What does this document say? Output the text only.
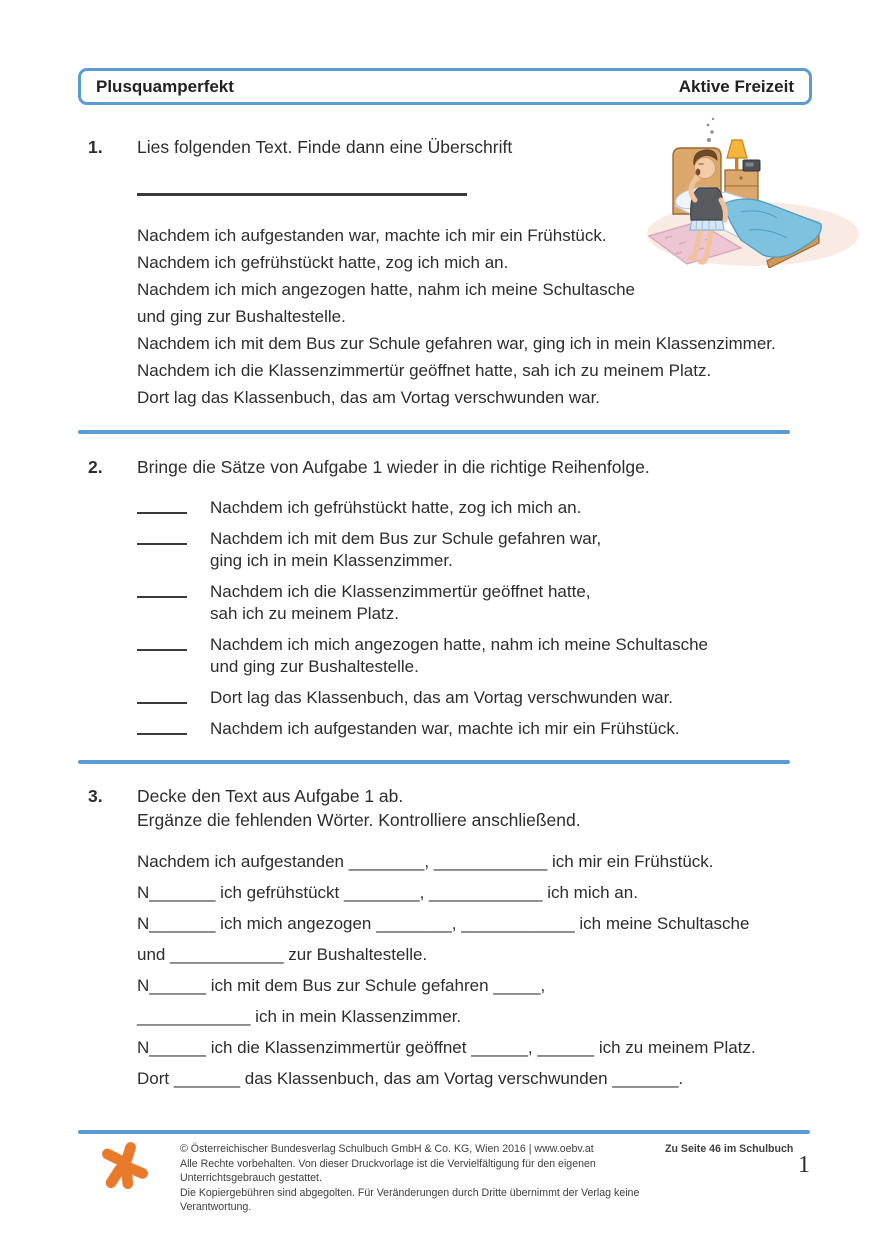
Plusquamperfekt	Aktive Freizeit
1.	Lies folgenden Text. Finde dann eine Überschrift

Nachdem ich aufgestanden war, machte ich mir ein Frühstück.

Nachdem ich gefrühstückt hatte, zog ich mich an.

Nachdem ich mich angezogen hatte, nahm ich meine Schultasche

und ging zur Bushaltestelle.

Nachdem ich mit dem Bus zur Schule gefahren war, ging ich in mein Klassenzimmer.

Nachdem ich die Klassenzimmertür geöffnet hatte, sah ich zu meinem Platz.

Dort lag das Klassenbuch, das am Vortag verschwunden war.

2.	Bringe die Sätze von Aufgabe 1 wieder in die richtige Reihenfolge.

Nachdem ich gefrühstückt hatte, zog ich mich an.
Nachdem ich mit dem Bus zur Schule gefahren war,
ging ich in mein Klassenzimmer.
Nachdem ich die Klassenzimmertür geöffnet hatte,
sah ich zu meinem Platz.
Nachdem ich mich angezogen hatte, nahm ich meine Schultasche
und ging zur Bushaltestelle.
Dort lag das Klassenbuch, das am Vortag verschwunden war.
Nachdem ich aufgestanden war, machte ich mir ein Frühstück.
3.	Decke den Text aus Aufgabe 1 ab.

Ergänze die fehlenden Wörter. Kontrolliere anschließend.

Nachdem ich aufgestanden ________, ____________ ich mir ein Frühstück.

N_______ ich gefrühstückt ________, ____________ ich mich an.

N_______ ich mich angezogen ________, ____________ ich meine Schultasche

und ____________ zur Bushaltestelle.

N______ ich mit dem Bus zur Schule gefahren _____,

____________ ich in mein Klassenzimmer.

N______ ich die Klassenzimmertür geöffnet ______, ______ ich zu meinem Platz.

Dort _______ das Klassenbuch, das am Vortag verschwunden _______.

© Österreichischer Bundesverlag Schulbuch GmbH & Co. KG, Wien 2016 | www.oebv.at
Alle Rechte vorbehalten. Von dieser Druckvorlage ist die Vervielfältigung für den eigenen Unterrichtsgebrauch gestattet.
Die Kopiergebühren sind abgegolten. Für Veränderungen durch Dritte übernimmt der Verlag keine Verantwortung.
Zu Seite 46 im Schulbuch
1
